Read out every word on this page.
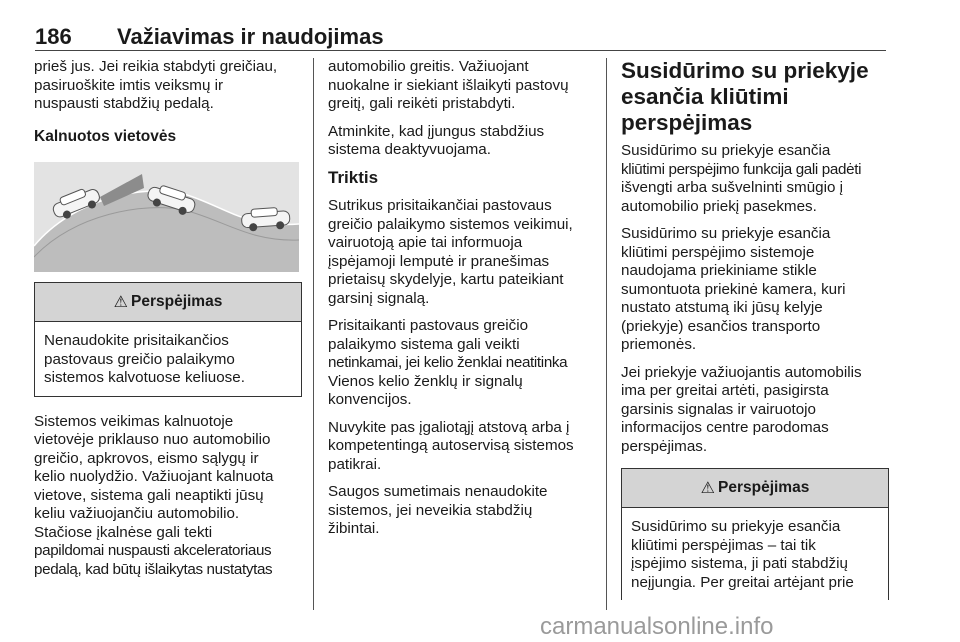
186 Važiavimas ir naudojimas

prieš jus. Jei reikia stabdyti greičiau,
pasiruoškite imtis veiksmų ir
nuspausti stabdžių pedalą.

Kalnuotos vietovės

⚠ Perspėjimas

Nenaudokite prisitaikančios
pastovaus greičio palaikymo
sistemos kalvotuose keliuose.

Sistemos veikimas kalnuotoje
vietovėje priklauso nuo automobilio
greičio, apkrovos, eismo sąlygų ir
kelio nuolydžio. Važiuojant kalnuota
vietove, sistema gali neaptikti jūsų
keliu važiuojančiu automobilio.
Stačiose įkalnėse gali tekti
papildomai nuspausti akceleratoriaus
pedalą, kad būtų išlaikytas nustatytas

automobilio greitis. Važiuojant
nuokalne ir siekiant išlaikyti pastovų
greitį, gali reikėti pristabdyti.

Atminkite, kad įjungus stabdžius
sistema deaktyvuojama.

Triktis

Sutrikus prisitaikančiai pastovaus
greičio palaikymo sistemos veikimui,
vairuotoją apie tai informuoja
įspėjamoji lemputė ir pranešimas
prietaisų skydelyje, kartu pateikiant
garsinį signalą.

Prisitaikanti pastovaus greičio
palaikymo sistema gali veikti
netinkamai, jei kelio ženklai neatitinka
Vienos kelio ženklų ir signalų
konvencijos.

Nuvykite pas įgaliotąjį atstovą arba į
kompetentingą autoservisą sistemos
patikrai.

Saugos sumetimais nenaudokite
sistemos, jei neveikia stabdžių
žibintai.

Susidūrimo su priekyje
esančia kliūtimi perspėjimas

Susidūrimo su priekyje esančia
kliūtimi perspėjimo funkcija gali padėti
išvengti arba sušvelninti smūgio į
automobilio priekį pasekmes.

Susidūrimo su priekyje esančia
kliūtimi perspėjimo sistemoje
naudojama priekiniame stikle
sumontuota priekinė kamera, kuri
nustato atstumą iki jūsų kelyje
(priekyje) esančios transporto
priemonės.

Jei priekyje važiuojantis automobilis
ima per greitai artėti, pasigirsta
garsinis signalas ir vairuotojo
informacijos centre parodomas
perspėjimas.

⚠ Perspėjimas

Susidūrimo su priekyje esančia
kliūtimi perspėjimas – tai tik
įspėjimo sistema, ji pati stabdžių
neįjungia. Per greitai artėjant prie

carmanualsonline.info
